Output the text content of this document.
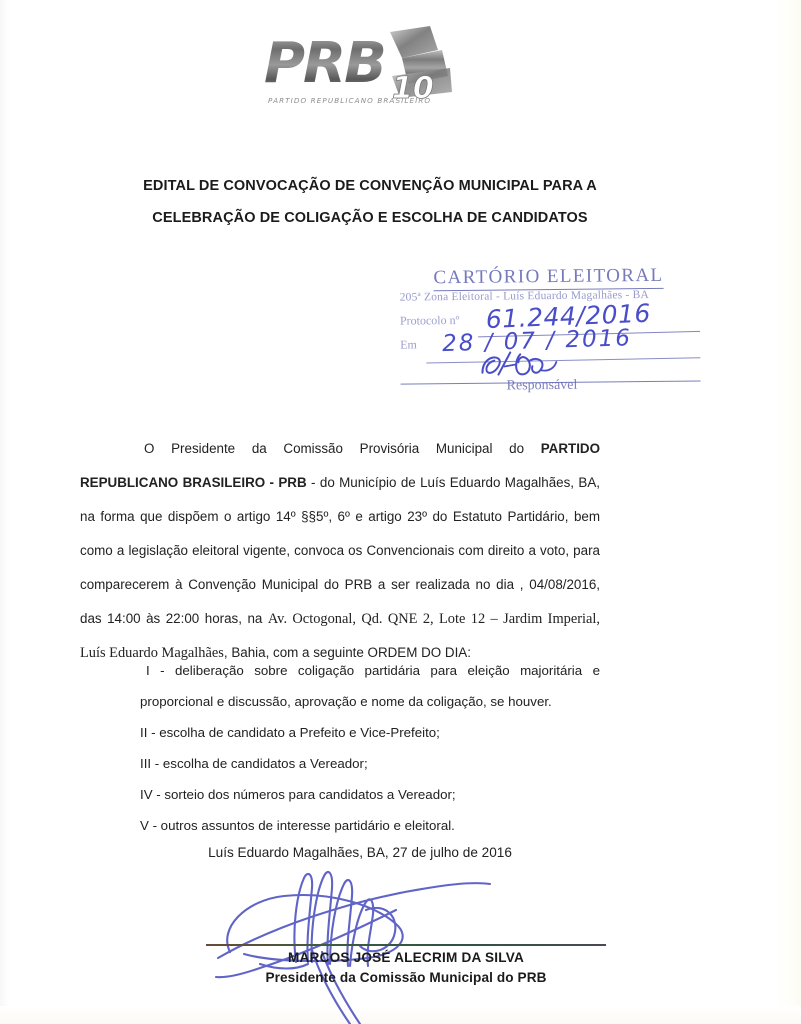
PRB 10
PARTIDO REPUBLICANO BRASILEIRO
EDITAL DE CONVOCAÇÃO DE CONVENÇÃO MUNICIPAL PARA A
CELEBRAÇÃO DE COLIGAÇÃO E ESCOLHA DE CANDIDATOS
CARTÓRIO ELEITORAL
205ª Zona Eleitoral - Luís Eduardo Magalhães - BA
Protocolo nº 61.244/2016
Em 28 / 07 / 2016
Responsável

O Presidente da Comissão Provisória Municipal do PARTIDO REPUBLICANO BRASILEIRO - PRB - do Município de Luís Eduardo Magalhães, BA, na forma que dispõem o artigo 14º §§5º, 6º e artigo 23º do Estatuto Partidário, bem como a legislação eleitoral vigente, convoca os Convencionais com direito a voto, para comparecerem à Convenção Municipal do PRB a ser realizada no dia , 04/08/2016, das 14:00 às 22:00 horas, na Av. Octogonal, Qd. QNE 2, Lote 12 – Jardim Imperial, Luís Eduardo Magalhães, Bahia, com a seguinte ORDEM DO DIA:

I - deliberação sobre coligação partidária para eleição majoritária e proporcional e discussão, aprovação e nome da coligação, se houver.

II - escolha de candidato a Prefeito e Vice-Prefeito;

III - escolha de candidatos a Vereador;

IV - sorteio dos números para candidatos a Vereador;

V - outros assuntos de interesse partidário e eleitoral.

Luís Eduardo Magalhães, BA, 27 de julho de 2016
MARCOS JOSÉ ALECRIM DA SILVA
Presidente da Comissão Municipal do PRB
